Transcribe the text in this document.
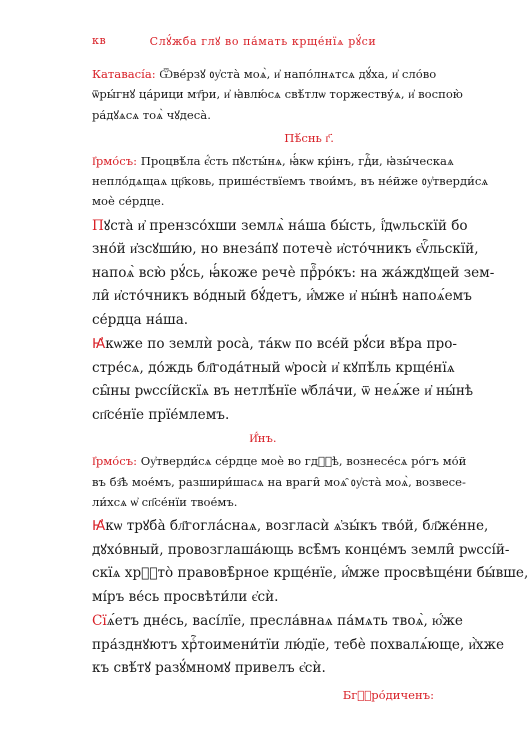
кв	Слꙋ́жба глꙋ во па́мать крще́нїѧ рꙋ́си
Катавасі́а: Ѿве́рзꙋ ᲂу҆ста̀ моѧ̀, и҆ напо́лнѧтсѧ дꙋ́ха, и҆ сло́во
ѿры́гнꙋ ца́рици мт҃ри, и҆ ꙗ҆влю́сѧ свѣ́тлѡ торжеству́ѧ, и҆ воспою̀
ра́дꙋѧсѧ тоѧ̀ чꙋдеса̀.
Пѣ́снь г҃.
І҆рмо́съ: Процвѣ́ла є҆́сть пꙋсты́нѧ, ꙗ҆́кѡ кр́інъ, гдⷭ҇и, ꙗ҆зы́ческаѧ
непло́дѧщаѧ цр҃ковь, прише́ствїемъ твои́мъ, въ не́йже ᲂу҆тверди́сѧ
моѐ се́рдце.
Пꙋста̀ и҆ прензсо́хши землѧ̀ на́ша бы́сть, і҆́дѡльскїй бо
зно́й и҆зсꙋши́ю, но внеза́пꙋ потечѐ и҆сто́чникъ є҆ѵⷢ҇льскїй,
напоѧ̀ всю̀ рꙋ́сь, ꙗ҆́коже речѐ прⷪ҇ро́къ: на жа́ждꙋщей зем-
ли̑ и҆сто́чникъ во́дный бꙋ́детъ, и҆́мже и҆ ны́нѣ напоѧ́емъ
се́рдца на́ша.
Ꙗ҆кѡже по землѝ роса̀, та́кѡ по все́й рꙋ́си вѣ́ра про-
стре́сѧ, до́ждь бл҃года́тный ѡ҆росѝ и҆ кꙋпѣ́ль крще́нїѧ
сы̑ны рѡссі́йскїѧ въ нетлѣ́нїе ѡ҆бла́чи, ѿ неѧ́же и҆ ны́нѣ
сп҃се́нїе прїе́млемъ.
И҆́нъ.
І҆рмо́съ: Оу҆тверди́сѧ се́рдце моѐ во гдⷭ҇ѣ, вознесе́сѧ ро́гъ мо́й
въ бз҃ѣ мое́мъ, разшири́шасѧ на враги̑ моѧ̑ ᲂу҆ста̀ моѧ̀, возвесе-
ли́хсѧ ѡ҆ сп҃се́нїи твое́мъ.
Ꙗ҆кѡ трꙋба̀ бл҃гогла́снаѧ, возгласѝ ѧ҆зы́къ тво́й, бл҃же́нне,
дꙋхо́вный, провозглаша́ющь всѣ̑мъ конце́мъ земли̑ рѡссі́й-
скїѧ хрⷭ҇то̀ правовѣ̑рное крще́нїе, и҆́мже просвѣще́ни бы́вше,
мі́ръ ве́сь просвѣти́ли є҆сѝ.
Сїѧ́етъ дне́сь, васі́лїе, пресла́внаѧ па́мѧть твоѧ̀, ю҆́же
пра́зднꙋютъ хрⷭ҇тоимени́тїи лю́дїе, тебѐ похвалѧ́юще, и҆̀хже
къ свѣ́тꙋ разꙋ́мномꙋ привелъ є҆сѝ.
Бгⷪ҇ро́диченъ:
